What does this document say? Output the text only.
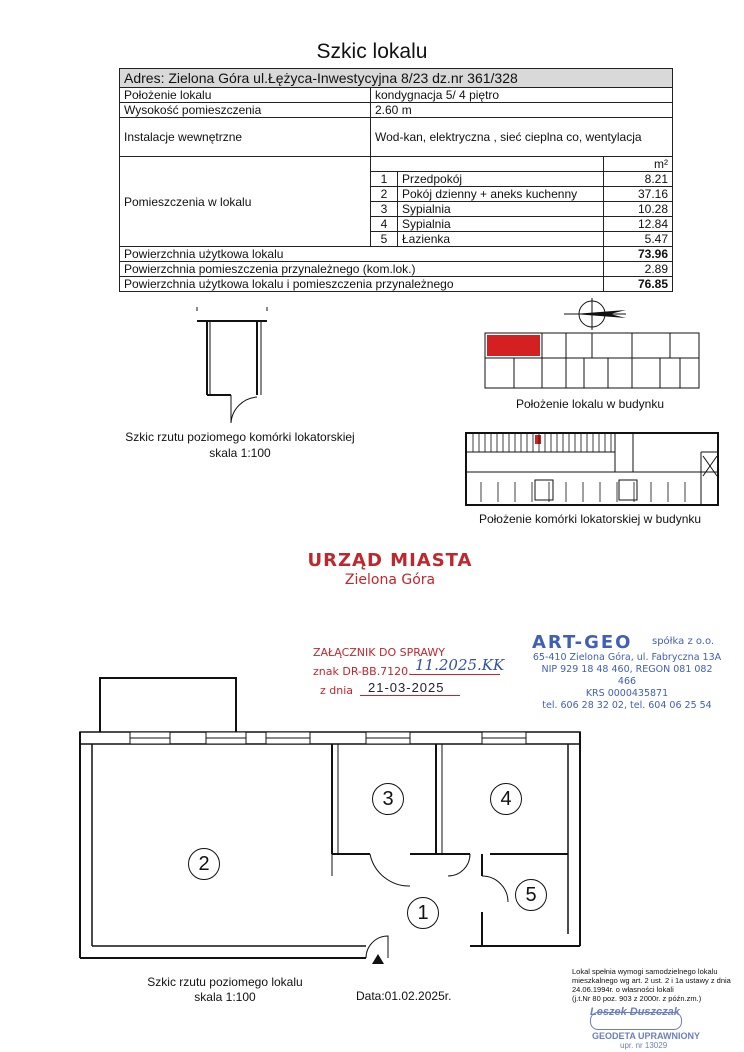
Szkic lokalu
Adres: Zielona Góra ul.Łężyca-Inwestycyjna 8/23 dz.nr 361/328			
Położenie lokalu	kondygnacja 5/ 4 piętro		
Wysokość pomieszczenia	2.60 m		
Instalacje wewnętrzne	Wod-kan, elektryczna , sieć cieplna co, wentylacja		
Pomieszczenia w lokalu			m²
	1	Przedpokój	8.21
	2	Pokój dzienny + aneks kuchenny	37.16
	3	Sypialnia	10.28
	4	Sypialnia	12.84
	5	Łazienka	5.47
Powierzchnia użytkowa lokalu			73.96
Powierzchnia pomieszczenia przynależnego (kom.lok.)			2.89
Powierzchnia użytkowa lokalu i pomieszczenia przynależnego			76.85
Szkic rzutu poziomego komórki lokatorskiej
skala 1:100
Położenie lokalu w budynku
Położenie komórki lokatorskiej w budynku
URZĄD MIASTA
Zielona Góra
ZAŁĄCZNIK DO SPRAWY
znak DR-BB.7120. 11.2025.KK
z dnia 21-03-2025
ART-GEO spółka z o.o.
65-410 Zielona Góra, ul. Fabryczna 13A
NIP 929 18 48 460, REGON 081 082 466
KRS 0000435871
tel. 606 28 32 02, tel. 604 06 25 54
2
3	4
1
5
Szkic rzutu poziomego lokalu
skala 1:100	Data:01.02.2025r.
Lokal spełnia wymogi samodzielnego lokalu
mieszkalnego wg art. 2 ust. 2 i 1a ustawy z dnia
24.06.1994r. o własności lokali
(j.t.Nr 80 poz. 903 z 2000r. z późn.zm.)
Leszek Duszczak
GEODETA UPRAWNIONY
upr. nr 13029
